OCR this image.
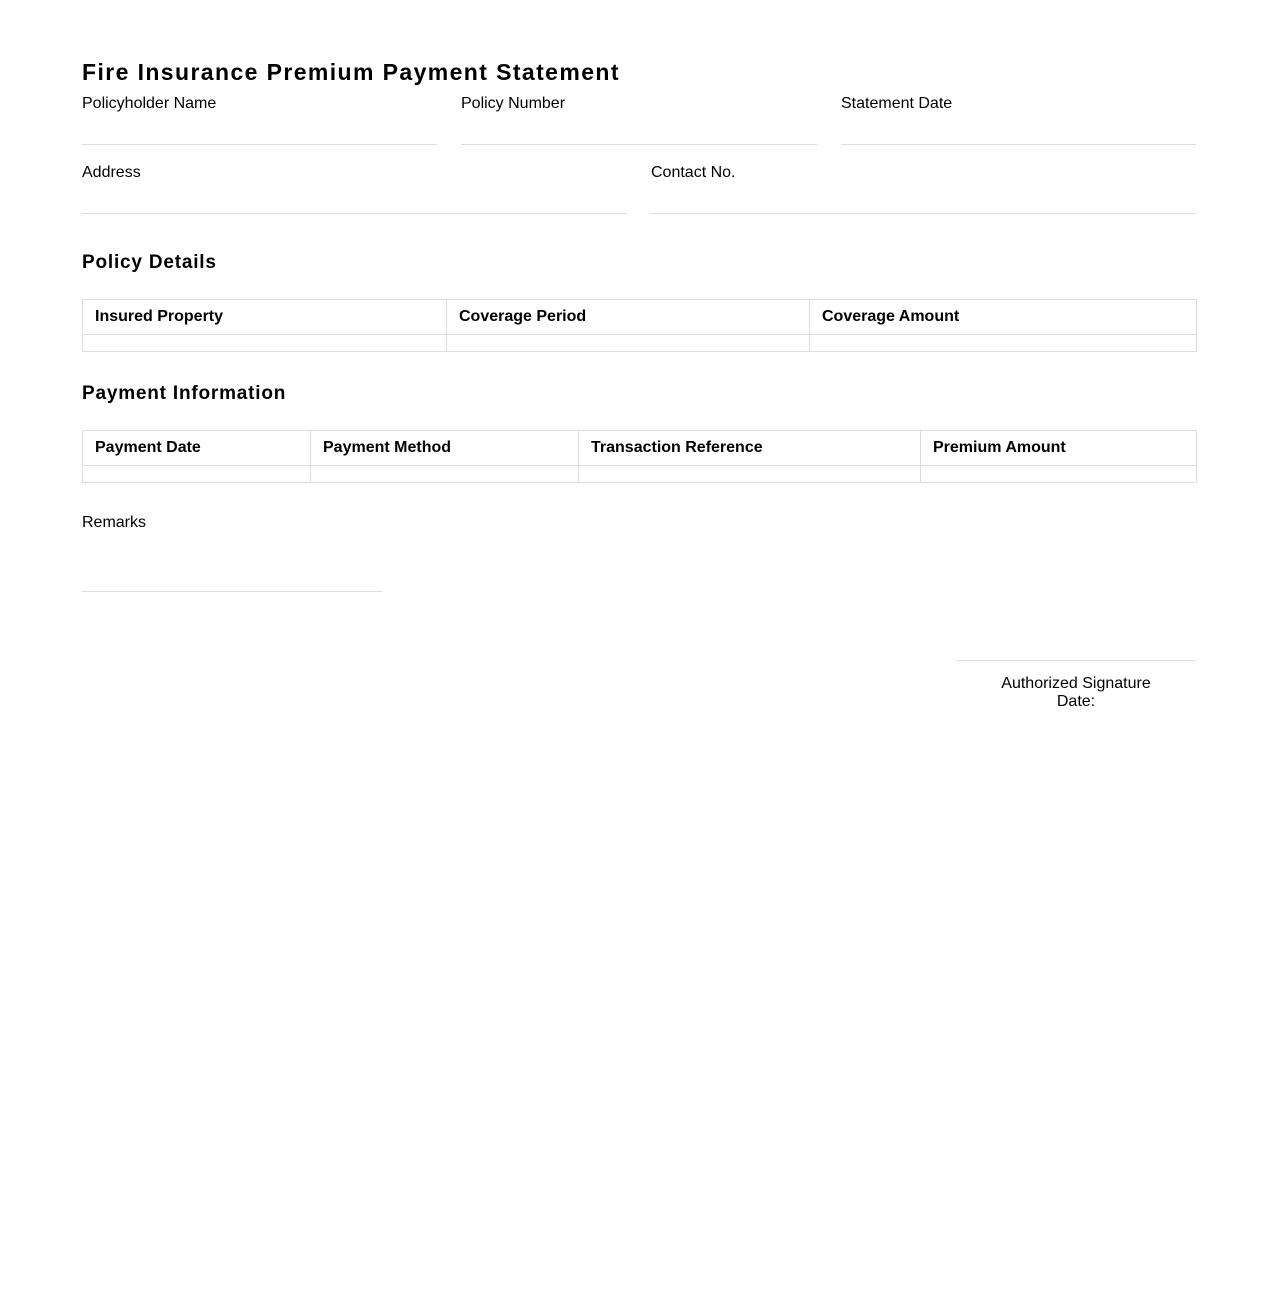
Fire Insurance Premium Payment Statement
Policyholder Name	Policy Number	Statement Date
Address	Contact No.
Policy Details
Insured Property	Coverage Period	Coverage Amount

Payment Information
Payment Date	Payment Method	Transaction Reference	Premium Amount

Remarks
Authorized Signature
Date:
